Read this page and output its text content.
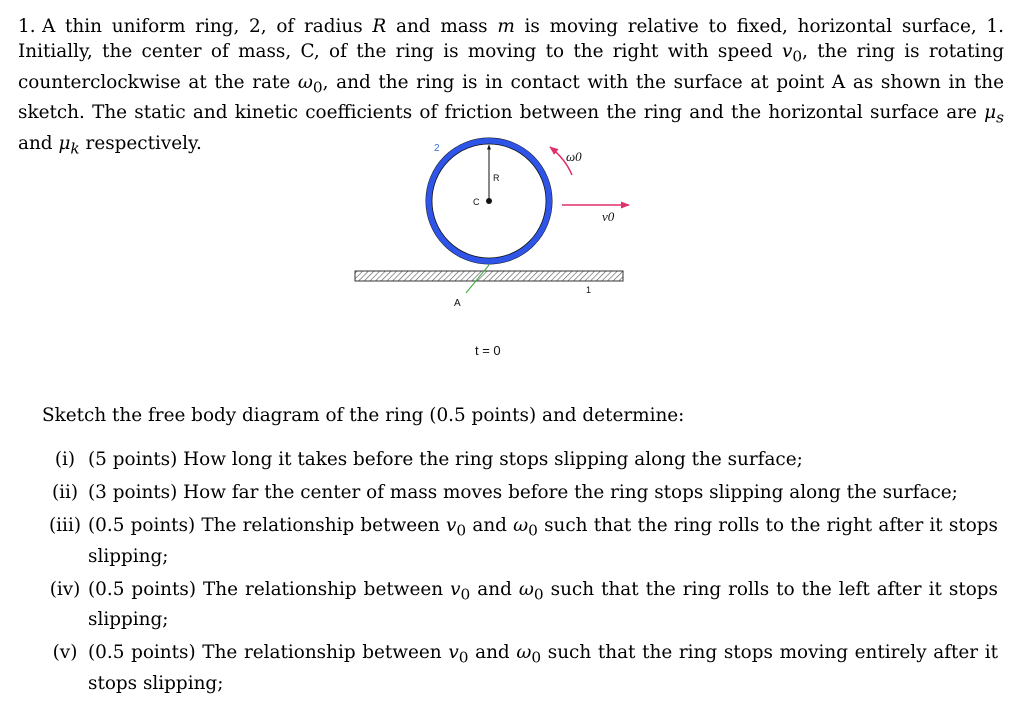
1. A thin uniform ring, 2, of radius R and mass m is moving relative to fixed, horizontal surface, 1. Initially, the center of mass, C, of the ring is moving to the right with speed $v_0$, the ring is rotating counterclockwise at the rate $\omega_0$, and the ring is in contact with the surface at point A as shown in the sketch. The static and kinetic coefficients of friction between the ring and the horizontal surface are $\mu_s$ and $\mu_k$ respectively.	2
R
C
1
A
ω0
v0
t = 0
Sketch the free body diagram of the ring (0.5 points) and determine:
(i) (5 points) How long it takes before the ring stops slipping along the surface;
(ii) (3 points) How far the center of mass moves before the ring stops slipping along the surface;
(iii) (0.5 points) The relationship between $v_0$ and $\omega_0$ such that the ring rolls to the right after it stops slipping;
(iv) (0.5 points) The relationship between $v_0$ and $\omega_0$ such that the ring rolls to the left after it stops slipping;
(v) (0.5 points) The relationship between $v_0$ and $\omega_0$ such that the ring stops moving entirely after it stops slipping;
